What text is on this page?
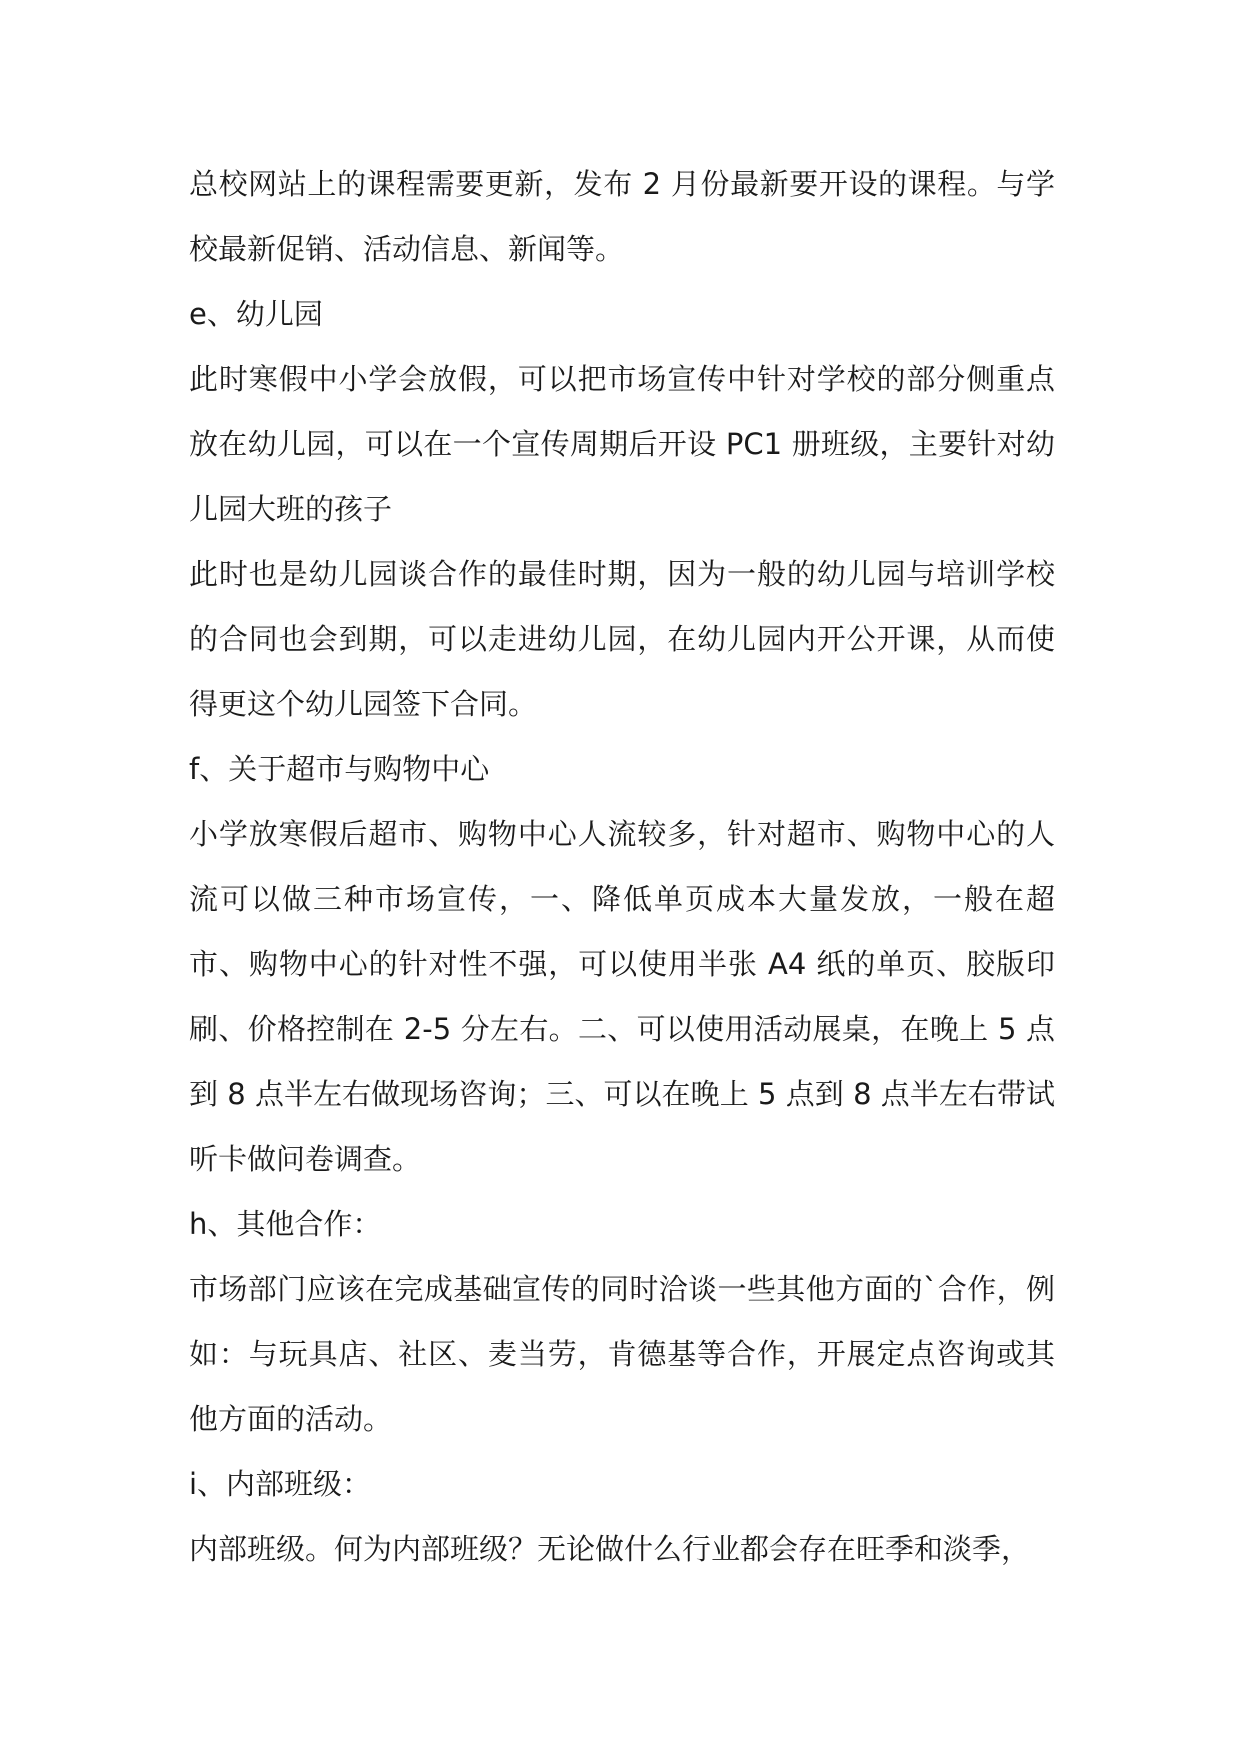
总校网站上的课程需要更新，发布 2 月份最新要开设的课程。与学校最新促销、活动信息、新闻等。

e、幼儿园

此时寒假中小学会放假，可以把市场宣传中针对学校的部分侧重点放在幼儿园，可以在一个宣传周期后开设 PC1 册班级，主要针对幼儿园大班的孩子

此时也是幼儿园谈合作的最佳时期，因为一般的幼儿园与培训学校的合同也会到期，可以走进幼儿园，在幼儿园内开公开课，从而使得更这个幼儿园签下合同。

f、关于超市与购物中心

小学放寒假后超市、购物中心人流较多，针对超市、购物中心的人流可以做三种市场宣传，一、降低单页成本大量发放，一般在超市、购物中心的针对性不强，可以使用半张 A4 纸的单页、胶版印刷、价格控制在 2-5 分左右。二、可以使用活动展桌，在晚上 5 点到 8 点半左右做现场咨询；三、可以在晚上 5 点到 8 点半左右带试听卡做问卷调查。

h、其他合作：

市场部门应该在完成基础宣传的同时洽谈一些其他方面的`合作，例如：与玩具店、社区、麦当劳，肯德基等合作，开展定点咨询或其他方面的活动。

i、内部班级：

内部班级。何为内部班级？无论做什么行业都会存在旺季和淡季，
